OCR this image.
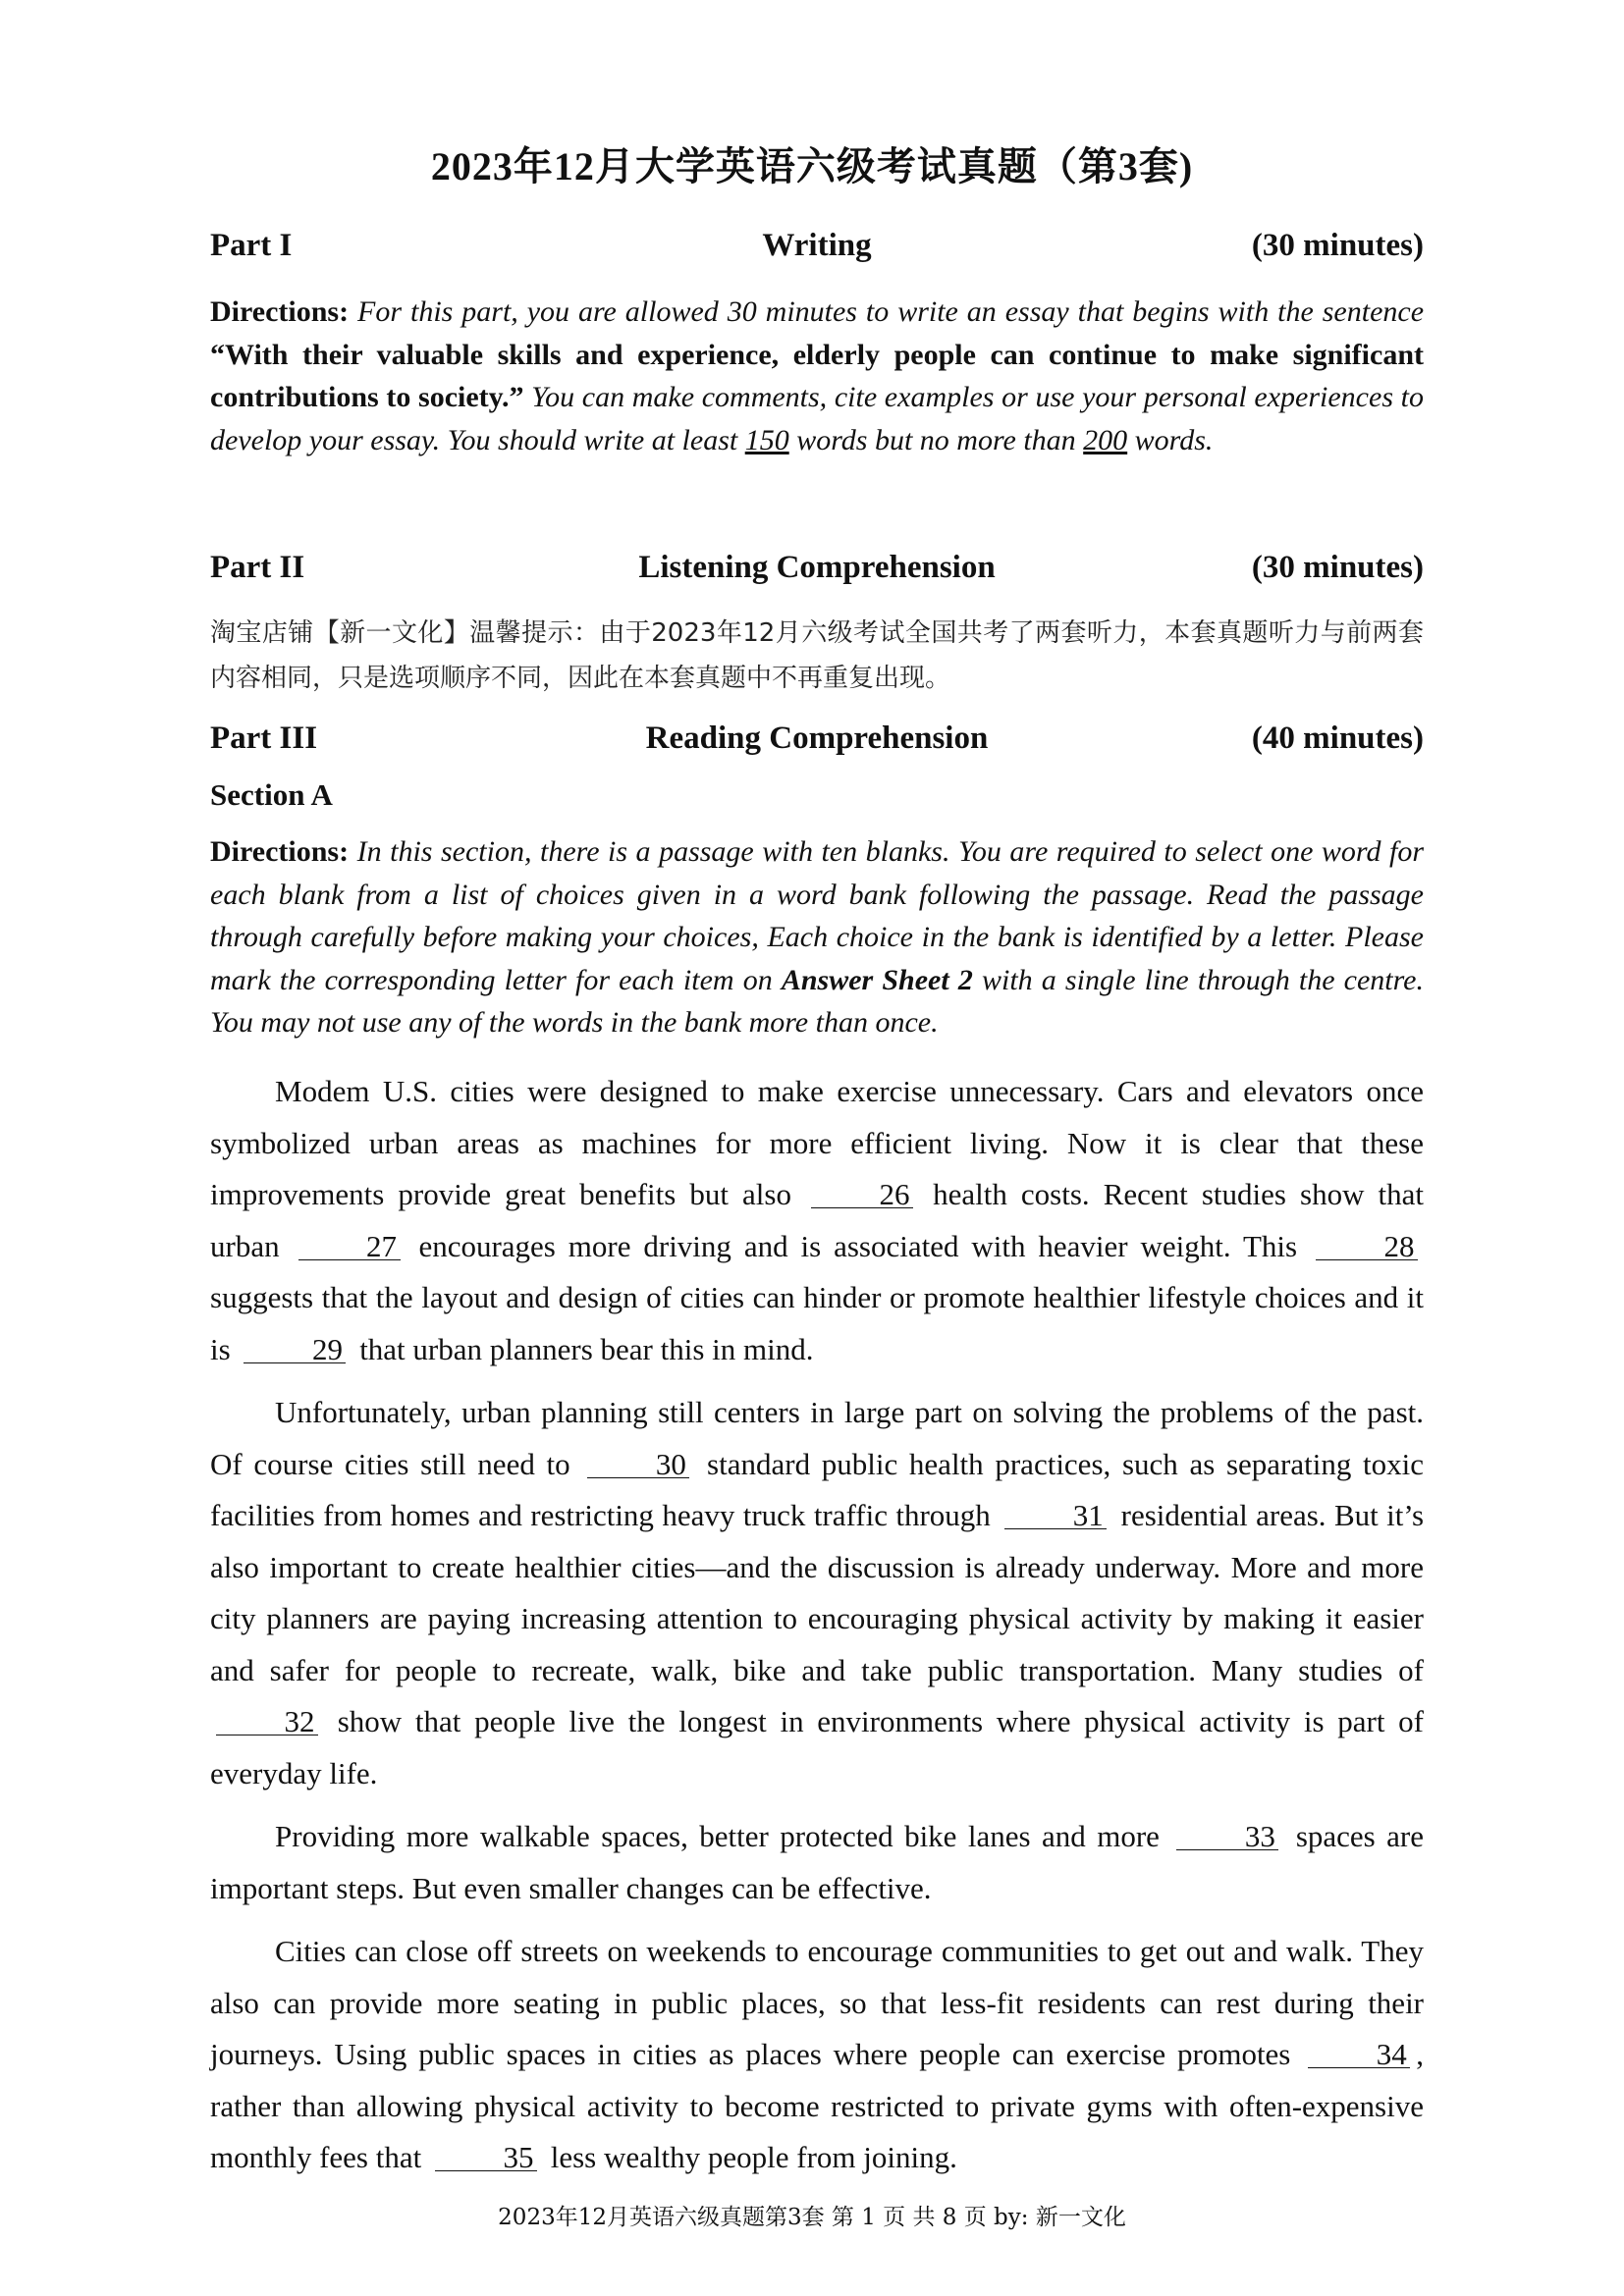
2023年12月大学英语六级考试真题（第3套)
Part I	Writing	(30 minutes)
Directions: For this part, you are allowed 30 minutes to write an essay that begins with the sentence “With their valuable skills and experience, elderly people can continue to make significant contributions to society.” You can make comments, cite examples or use your personal experiences to develop your essay. You should write at least 150 words but no more than 200 words.
Part II	Listening Comprehension	(30 minutes)
淘宝店铺【新一文化】温馨提示：由于2023年12月六级考试全国共考了两套听力，本套真题听力与前两套内容相同，只是选项顺序不同，因此在本套真题中不再重复出现。
Part III	Reading Comprehension	(40 minutes)
Section A
Directions: In this section, there is a passage with ten blanks. You are required to select one word for each blank from a list of choices given in a word bank following the passage. Read the passage through carefully before making your choices, Each choice in the bank is identified by a letter. Please mark the corresponding letter for each item on Answer Sheet 2 with a single line through the centre. You may not use any of the words in the bank more than once.

Modem U.S. cities were designed to make exercise unnecessary. Cars and elevators once symbolized urban areas as machines for more efficient living. Now it is clear that these improvements provide great benefits but also	26 health costs. Recent studies show that urban	27 encourages more driving and is associated with heavier weight. This	28 suggests that the layout and design of cities can hinder or promote healthier lifestyle choices and it is	29 that urban planners bear this in mind.

Unfortunately, urban planning still centers in large part on solving the problems of the past. Of course cities still need to	30 standard public health practices, such as separating toxic facilities from homes and restricting heavy truck traffic through	31 residential areas. But it’s also important to create healthier cities—and the discussion is already underway. More and more city planners are paying increasing attention to encouraging physical activity by making it easier and safer for people to recreate, walk, bike and take public transportation. Many studies of 32 show that people live the longest in environments where physical activity is part of everyday life.

Providing more walkable spaces, better protected bike lanes and more	33 spaces are important steps. But even smaller changes can be effective.

Cities can close off streets on weekends to encourage communities to get out and walk. They also can provide more seating in public places, so that less-fit residents can rest during their journeys. Using public spaces in cities as places where people can exercise promotes	34 , rather than allowing physical activity to become restricted to private gyms with often-expensive monthly fees that	35 less wealthy people from joining.

2023年12月英语六级真题第3套 第 1 页 共 8 页 by: 新一文化
